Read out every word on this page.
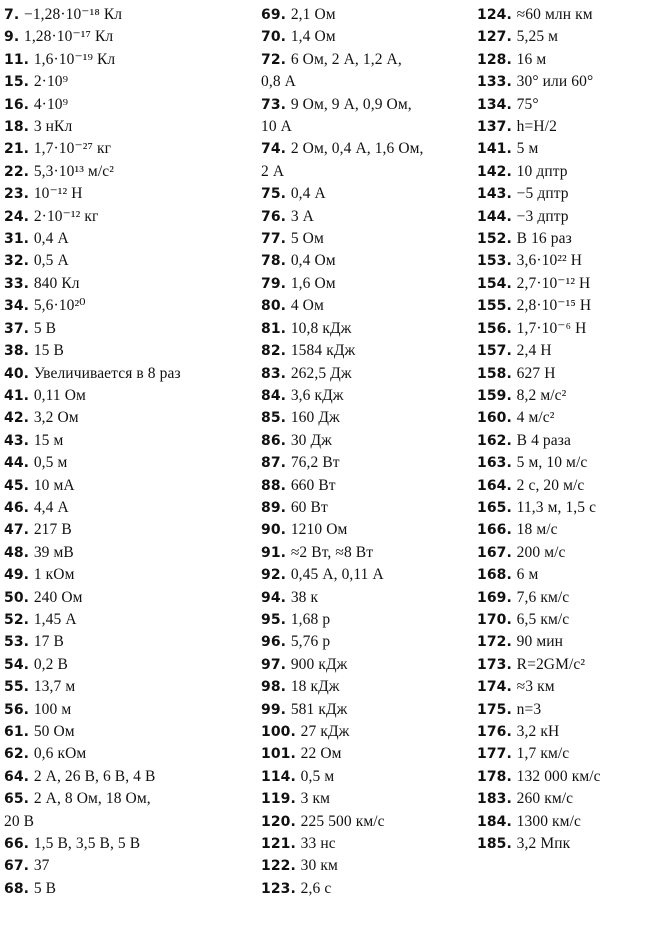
7. −1,28·10⁻¹⁸ Кл
9. 1,28·10⁻¹⁷ Кл
11. 1,6·10⁻¹⁹ Кл
15. 2·10⁹
16. 4·10⁹
18. 3 нКл
21. 1,7·10⁻²⁷ кг
22. 5,3·10¹³ м/с²
23. 10⁻¹² Н
24. 2·10⁻¹² кг
31. 0,4 А
32. 0,5 А
33. 840 Кл
34. 5,6·10²⁰
37. 5 В
38. 15 В
40. Увеличивается в 8 раз
41. 0,11 Ом
42. 3,2 Ом
43. 15 м
44. 0,5 м
45. 10 мА
46. 4,4 А
47. 217 В
48. 39 мВ
49. 1 кОм
50. 240 Ом
52. 1,45 А
53. 17 В
54. 0,2 В
55. 13,7 м
56. 100 м
61. 50 Ом
62. 0,6 кОм
64. 2 А, 26 В, 6 В, 4 В
65. 2 А, 8 Ом, 18 Ом,
20 В
66. 1,5 В, 3,5 В, 5 В
67. 37
68. 5 В
69. 2,1 Ом
70. 1,4 Ом
72. 6 Ом, 2 А, 1,2 А,
0,8 А
73. 9 Ом, 9 А, 0,9 Ом,
10 А
74. 2 Ом, 0,4 А, 1,6 Ом,
2 А
75. 0,4 А
76. 3 А
77. 5 Ом
78. 0,4 Ом
79. 1,6 Ом
80. 4 Ом
81. 10,8 кДж
82. 1584 кДж
83. 262,5 Дж
84. 3,6 кДж
85. 160 Дж
86. 30 Дж
87. 76,2 Вт
88. 660 Вт
89. 60 Вт
90. 1210 Ом
91. ≈2 Вт, ≈8 Вт
92. 0,45 А, 0,11 А
94. 38 к
95. 1,68 р
96. 5,76 р
97. 900 кДж
98. 18 кДж
99. 581 кДж
100. 27 кДж
101. 22 Ом
114. 0,5 м
119. 3 км
120. 225 500 км/с
121. 33 нс
122. 30 км
123. 2,6 с
124. ≈60 млн км
127. 5,25 м
128. 16 м
133. 30° или 60°
134. 75°
137. h=H/2
141. 5 м
142. 10 дптр
143. −5 дптр
144. −3 дптр
152. В 16 раз
153. 3,6·10²² Н
154. 2,7·10⁻¹² Н
155. 2,8·10⁻¹⁵ Н
156. 1,7·10⁻⁶ Н
157. 2,4 Н
158. 627 Н
159. 8,2 м/с²
160. 4 м/с²
162. В 4 раза
163. 5 м, 10 м/с
164. 2 с, 20 м/с
165. 11,3 м, 1,5 с
166. 18 м/с
167. 200 м/с
168. 6 м
169. 7,6 км/с
170. 6,5 км/с
172. 90 мин
173. R=2GM/c²
174. ≈3 км
175. n=3
176. 3,2 кН
177. 1,7 км/с
178. 132 000 км/с
183. 260 км/с
184. 1300 км/с
185. 3,2 Мпк
